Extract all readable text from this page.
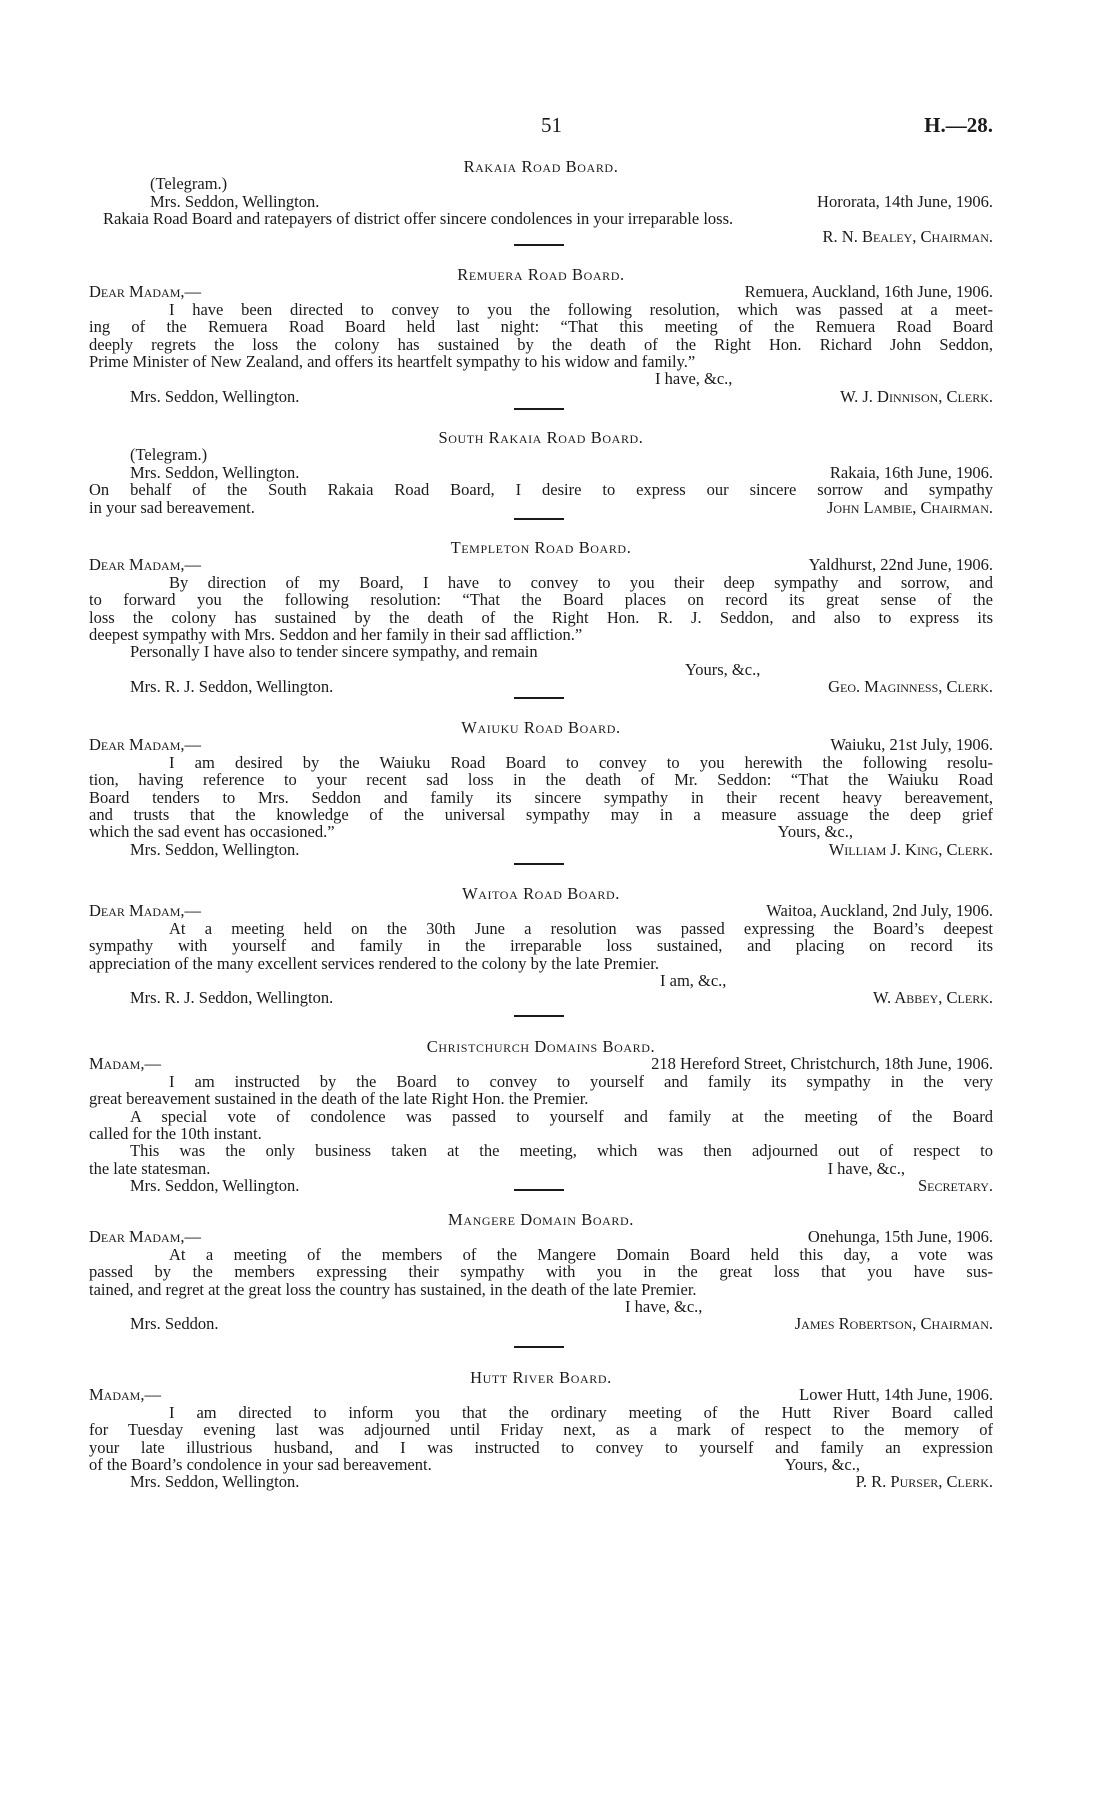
51	H.—28.
Rakaia Road Board.
(Telegram.)
Mrs. Seddon, Wellington.	Hororata, 14th June, 1906.
Rakaia Road Board and ratepayers of district offer sincere condolences in your irreparable loss.
R. N. Bealey, Chairman.
Remuera Road Board.
Dear Madam,—	Remuera, Auckland, 16th June, 1906.
I have been directed to convey to you the following resolution, which was passed at a meet-
ing of the Remuera Road Board held last night: “That this meeting of the Remuera Road Board
deeply regrets the loss the colony has sustained by the death of the Right Hon. Richard John Seddon,
Prime Minister of New Zealand, and offers its heartfelt sympathy to his widow and family.”
I have, &c.,
Mrs. Seddon, Wellington.	W. J. Dinnison, Clerk.
South Rakaia Road Board.
(Telegram.)
Mrs. Seddon, Wellington.	Rakaia, 16th June, 1906.
On behalf of the South Rakaia Road Board, I desire to express our sincere sorrow and sympathy
in your sad bereavement.	John Lambie, Chairman.
Templeton Road Board.
Dear Madam,—	Yaldhurst, 22nd June, 1906.
By direction of my Board, I have to convey to you their deep sympathy and sorrow, and
to forward you the following resolution: “That the Board places on record its great sense of the
loss the colony has sustained by the death of the Right Hon. R. J. Seddon, and also to express its
deepest sympathy with Mrs. Seddon and her family in their sad affliction.”
Personally I have also to tender sincere sympathy, and remain
Yours, &c.,
Mrs. R. J. Seddon, Wellington.	Geo. Maginness, Clerk.
Waiuku Road Board.
Dear Madam,—	Waiuku, 21st July, 1906.
I am desired by the Waiuku Road Board to convey to you herewith the following resolu-
tion, having reference to your recent sad loss in the death of Mr. Seddon: “That the Waiuku Road
Board tenders to Mrs. Seddon and family its sincere sympathy in their recent heavy bereavement,
and trusts that the knowledge of the universal sympathy may in a measure assuage the deep grief
which the sad event has occasioned.”	Yours, &c.,
Mrs. Seddon, Wellington.	William J. King, Clerk.
Waitoa Road Board.
Dear Madam,—	Waitoa, Auckland, 2nd July, 1906.
At a meeting held on the 30th June a resolution was passed expressing the Board’s deepest
sympathy with yourself and family in the irreparable loss sustained, and placing on record its
appreciation of the many excellent services rendered to the colony by the late Premier.
I am, &c.,
Mrs. R. J. Seddon, Wellington.	W. Abbey, Clerk.
Christchurch Domains Board.
Madam,—	218 Hereford Street, Christchurch, 18th June, 1906.
I am instructed by the Board to convey to yourself and family its sympathy in the very
great bereavement sustained in the death of the late Right Hon. the Premier.
A special vote of condolence was passed to yourself and family at the meeting of the Board
called for the 10th instant.
This was the only business taken at the meeting, which was then adjourned out of respect to
the late statesman.	I have, &c.,
Mrs. Seddon, Wellington.	Secretary.
Mangere Domain Board.
Dear Madam,—	Onehunga, 15th June, 1906.
At a meeting of the members of the Mangere Domain Board held this day, a vote was
passed by the members expressing their sympathy with you in the great loss that you have sus-
tained, and regret at the great loss the country has sustained, in the death of the late Premier.
I have, &c.,
Mrs. Seddon.	James Robertson, Chairman.
Hutt River Board.
Madam,—	Lower Hutt, 14th June, 1906.
I am directed to inform you that the ordinary meeting of the Hutt River Board called
for Tuesday evening last was adjourned until Friday next, as a mark of respect to the memory of
your late illustrious husband, and I was instructed to convey to yourself and family an expression
of the Board’s condolence in your sad bereavement.	Yours, &c.,
Mrs. Seddon, Wellington.	P. R. Purser, Clerk.
